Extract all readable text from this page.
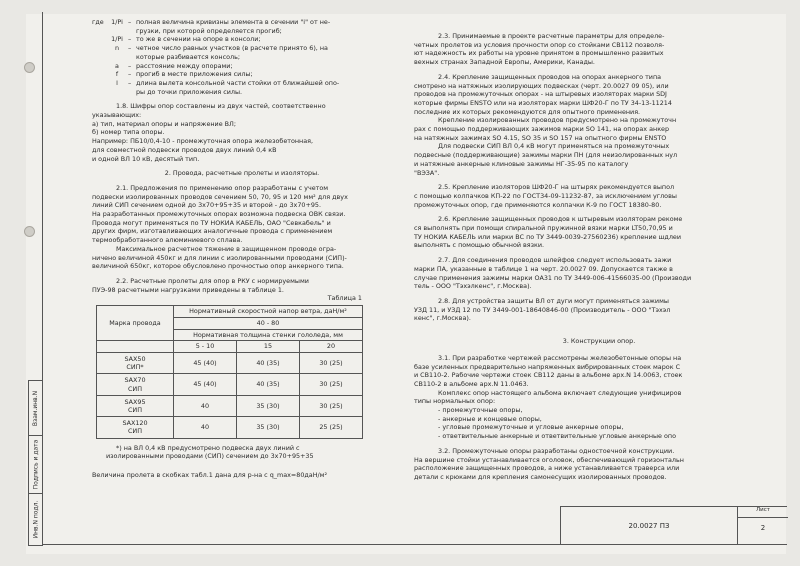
Взам.инв.N
Подпись и дата
Инв.N подл.
где	1/Pi – полная величина кривизны элемента в сечении "i" от не-
грузки, при которой определяется прогиб;
1/Pi – то же в сечении на опоре в консоли;
n	– четное число равных участков (в расчете принято 6), на
которые разбивается консоль;
a	– расстояние между опорами;
f	– прогиб в месте приложения силы;
l	– длина вылета консольной части стойки от ближайшей опо-
ры до точки приложения силы.

1.8. Шифры опор составлены из двух частей, соответственно

указывающих:

а) тип, материал опоры и напряжение ВЛ;

б) номер типа опоры.

Например: ПБ10/0,4-10 - промежуточная опора железобетонная,

для совместной подвески проводов двух линий 0,4 кВ

и одной ВЛ 10 кВ, десятый тип.

2. Провода, расчетные пролеты и изоляторы.

2.1. Предложения по применению опор разработаны с учетом

подвески изолированных проводов сечением 50, 70, 95 и 120 мм² для двух

линий СИП сечением одной до 3х70+95+35 и второй - до 3х70+95.

На разработанных промежуточных опорах возможна подвеска ОВК связи.

Провода могут применяться по ТУ НОКИА КАБЕЛЬ, ОАО "Севкабель" и

других фирм, изготавливающих аналогичные провода с применением

термообработанного алюминиевого сплава.

Максимальное расчетное тяжение в защищенном проводе огра-

ничено величиной 450кг и для линии с изолированными проводами (СИП)-

величиной 650кг, которое обусловлено прочностью опор анкерного типа.

2.2. Расчетные пролеты для опор в РКУ с нормируемыми

ПУЭ-98 расчетными нагрузками приведены в таблице 1.

Таблица 1

Марка провода	Нормативный скоростной напор ветра, даН/м²		
	40 - 80		
	Нормативная толщина стенки гололеда, мм		
	5 - 10	15	20
SAX50
СИП*	45 (40)	40 (35)	30 (25)
SAX70
СИП	45 (40)	40 (35)	30 (25)
SAX95
СИП	40	35 (30)	30 (25)
SAX120
СИП	40	35 (30)	25 (25)

*) на ВЛ 0,4 кВ предусмотрено подвеска двух линий с

изолированными проводами (СИП) сечением до 3х70+95+35

Величина пролета в скобках табл.1 дана для р-на с q_max=80даН/м²

2.3. Принимаемые в проекте расчетные параметры для определе-

четных пролетов из условия прочности опор со стойками СВ112 позволя-

ют надежность их работы на уровне принятом в промышленно развитых

вехных странах Западной Европы, Америки, Канады.

2.4. Крепление защищенных проводов на опорах анкерного типа

смотрено на натяжных изолирующих подвесках (черт. 20.0027 09 05), или

проводов на промежуточных опорах - на штыревых изоляторах марки SDJ

которые фирмы ENSTO или на изоляторах марки ШФ20-Г по ТУ 34-13-11214

последние их которых рекомендуются для опытного применения.

Крепление изолированных проводов предусмотрено на промежуточн

рах с помощью поддерживающих зажимов марки SO 141, на опорах анкер

на натяжных зажимах SO 4.15, SO 35 и SO 157 на опытного фирмы ENSTO

Для подвески СИП ВЛ 0,4 кВ могут применяться на промежуточных

подвесные (поддерживающие) зажимы марки ПН (для неизолированных нул

и натяжные анкерные клиновые зажимы НГ-35-95 по каталогу

"ВЭЗА".

2.5. Крепление изоляторов ШФ20-Г на штырях рекомендуется выпол

с помощью колпачков КП-22 по ГОСТ34-09-11232-87, за исключением угловы

промежуточных опор, где применяются колпачки К-9 по ГОСТ 18380-80.

2.6. Крепление защищенных проводов к штыревым изоляторам рекоме

ся выполнять при помощи спиральной пружинной вязки марки LT50,70,95 и

ТУ НОКИА КАБЕЛЬ или марки ВС по ТУ 3449-0039-27560236) крепление шдлеи

выполнять с помощью обычной вязки.

2.7. Для соединения проводов шлейфов следует использовать зажи

марки ПА, указанные в таблице 1 на черт. 20.0027 09. Допускается также в

случае применения зажимы марки ОА31 по ТУ 3449-006-41566035-00 (Производи

тель - ООО "Тэхэлкенс", г.Москва).

2.8. Для устройства защиты ВЛ от дуги могут применяться зажимы

УЗД 11, и УЗД 12 по ТУ 3449-001-18640846-00 (Производитель - ООО "Тэхэл

кенс", г.Москва).

3. Конструкции опор.

3.1. При разработке чертежей рассмотрены железобетонные опоры на

базе усиленных предварительно напряженных вибрированных стоек марок С

и СВ110-2. Рабочие чертежи стоек СВ112 даны в альбоме арх.N 14.0063, стоек

СВ110-2 в альбоме арх.N 11.0463.

Комплекс опор настоящего альбома включает следующие унифициров

типы нормальных опор:

- промежуточные опоры,

- анкерные и концевые опоры,

- угловые промежуточные и угловые анкерные опоры,

- ответвительные анкерные и ответвительные угловые анкерные опо

3.2. Промежуточные опоры разработаны одностоечной конструкции.

На вершине стойки устанавливается оголовок, обеспечивающий горизонтальн

расположение защищенных проводов, а ниже устанавливается траверса или

детали с крюками для крепления самонесущих изолированных проводов.

20.0027 ПЗ
Лист
2
